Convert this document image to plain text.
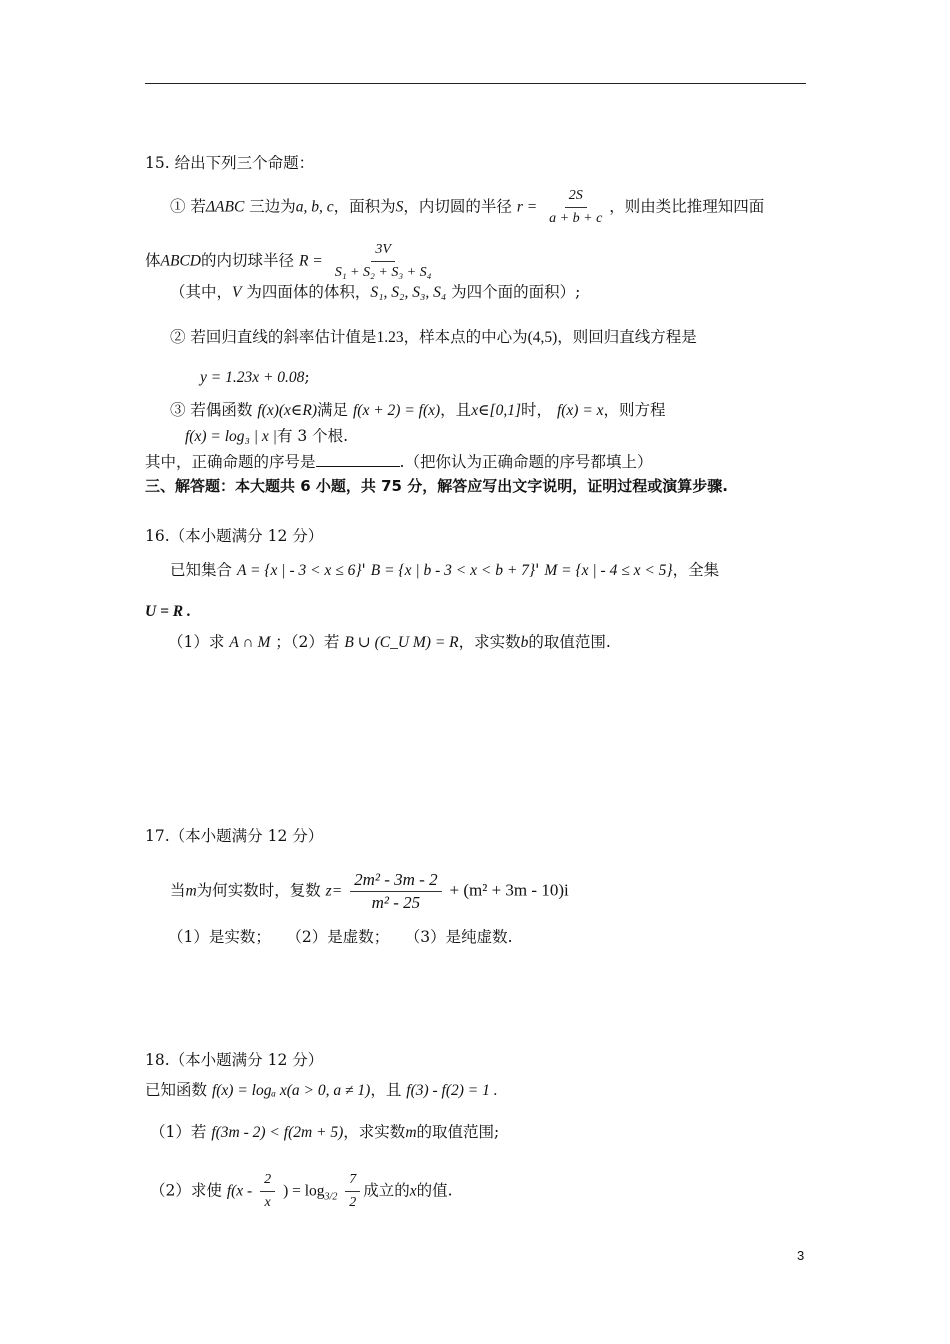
15. 给出下列三个命题：
① 若ΔABC 三边为a, b, c，面积为S，内切圆的半径 $r = \frac{2S}{a + b + c}$ ，则由类比推理知四面
体ABCD的内切球半径 $R = \frac{3V}{\text{S₁ + S₂ + S₃ + S₄}}$
（其中，V 为四面体的体积，S₁, S₂, S₃, S₄ 为四个面的面积）;
② 若回归直线的斜率估计值是1.23，样本点的中心为(4,5)，则回归直线方程是
y = 1.23x + 0.08;
③ 若偶函数 f(x)(x∈R)满足 f(x + 2) = f(x)，且x∈[0,1]时， f(x) = x，则方程
f(x) = log₃ | x |有 3 个根.
其中，正确命题的序号是	.（把你认为正确命题的序号都填上）
三、解答题：本大题共 6 小题，共 75 分，解答应写出文字说明，证明过程或演算步骤.
16.（本小题满分 12 分）
已知集合 A = {x | - 3 < x ≤ 6}' B = {x | b - 3 < x < b + 7}' M = {x | - 4 ≤ x < 5}，全集
U = R .
（1）求 A ∩ M ；（2）若 B ∪ (C_U M) = R，求实数b的取值范围.
17.（本小题满分 12 分）
当m为何实数时，复数 $z= \frac{\text{2m² - 3m - 2}}{\text{m² - 25}} + (m^2 + 3m - 10)i$
（1）是实数；　　（2）是虚数；　　（3）是纯虚数.
18.（本小题满分 12 分）
已知函数 f(x) = logₐ x(a > 0, a ≠ 1)，且 f(3) - f(2) = 1 .
（1）若 f(3m - 2) < f(2m + 5)，求实数m的取值范围;
（2）求使 $f(x - \frac{2}{x}$ ) = $\log_{3/2} \frac{7}{2}$ 成立的x的值.
3
